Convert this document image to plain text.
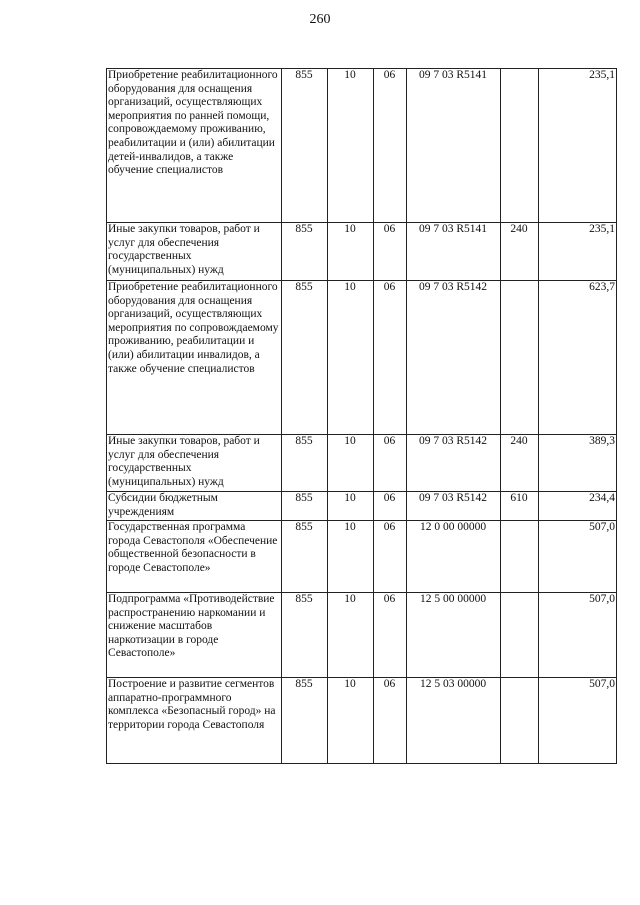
260
Приобретение реабилитационного оборудования для оснащения организаций, осуществляющих мероприятия по ранней помощи, сопровождаемому проживанию, реабилитации и (или) абилитации детей-инвалидов, а также обучение специалистов	855	10	06	09 7 03 R5141		235,1
Иные закупки товаров, работ и услуг для обеспечения государственных (муниципальных) нужд	855	10	06	09 7 03 R5141	240	235,1
Приобретение реабилитационного оборудования для оснащения организаций, осуществляющих мероприятия по сопровождаемому проживанию, реабилитации и (или) абилитации инвалидов, а также обучение специалистов	855	10	06	09 7 03 R5142		623,7
Иные закупки товаров, работ и услуг для обеспечения государственных (муниципальных) нужд	855	10	06	09 7 03 R5142	240	389,3
Субсидии бюджетным учреждениям	855	10	06	09 7 03 R5142	610	234,4
Государственная программа города Севастополя «Обеспечение общественной безопасности в городе Севастополе»	855	10	06	12 0 00 00000		507,0
Подпрограмма «Противодействие распространению наркомании и снижение масштабов наркотизации в городе Севастополе»	855	10	06	12 5 00 00000		507,0
Построение и развитие сегментов аппаратно-программного комплекса «Безопасный город» на территории города Севастополя	855	10	06	12 5 03 00000		507,0
